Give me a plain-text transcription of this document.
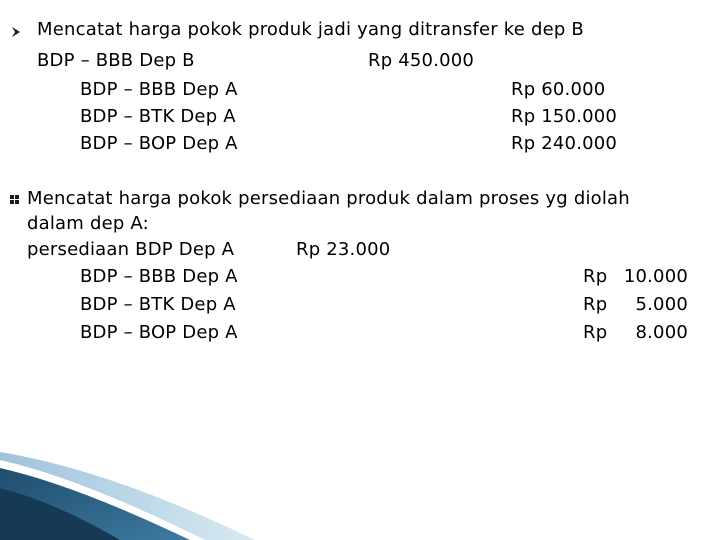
Mencatat harga pokok produk jadi yang ditransfer ke dep B
BDP – BBB Dep B	Rp 450.000
BDP – BBB Dep A	Rp 60.000
BDP – BTK Dep A	Rp 150.000
BDP – BOP Dep A	Rp 240.000
Mencatat harga pokok persediaan produk dalam proses yg diolah
dalam dep A:
persediaan BDP Dep A	Rp 23.000
BDP – BBB Dep A	Rp 10.000
BDP – BTK Dep A	Rp 5.000
BDP – BOP Dep A	Rp 8.000
